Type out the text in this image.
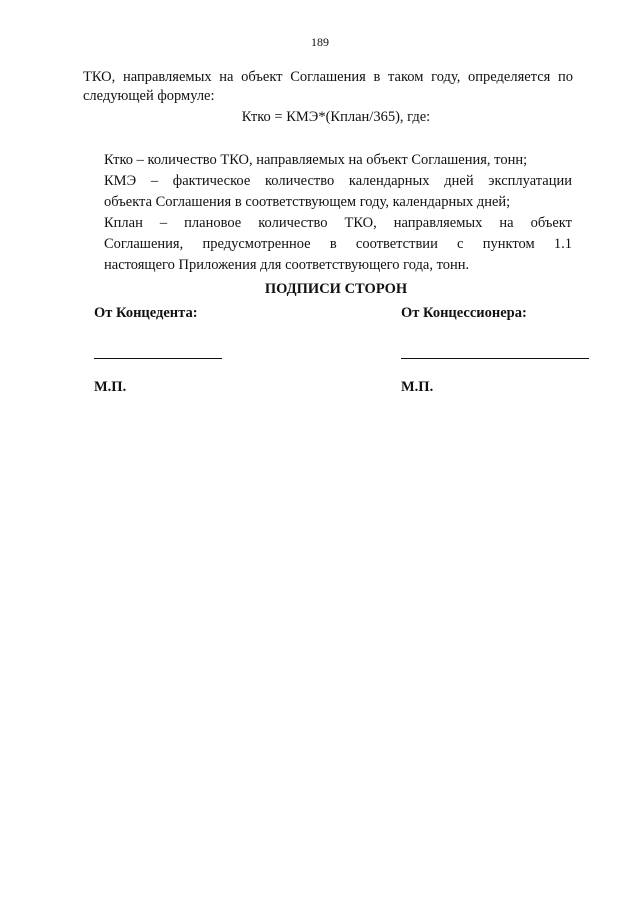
189
ТКО, направляемых на объект Соглашения в таком году, определяется по
следующей формуле:
Ктко = КМЭ*(Кплан/365), где:
Ктко – количество ТКО, направляемых на объект Соглашения, тонн;
КМЭ – фактическое количество календарных дней эксплуатации
объекта Соглашения в соответствующем году, календарных дней;
Кплан – плановое количество ТКО, направляемых на объект
Соглашения, предусмотренное в соответствии с пунктом 1.1
настоящего Приложения для соответствующего года, тонн.
ПОДПИСИ СТОРОН
От Концедента:	От Концессионера:
М.П.	М.П.
